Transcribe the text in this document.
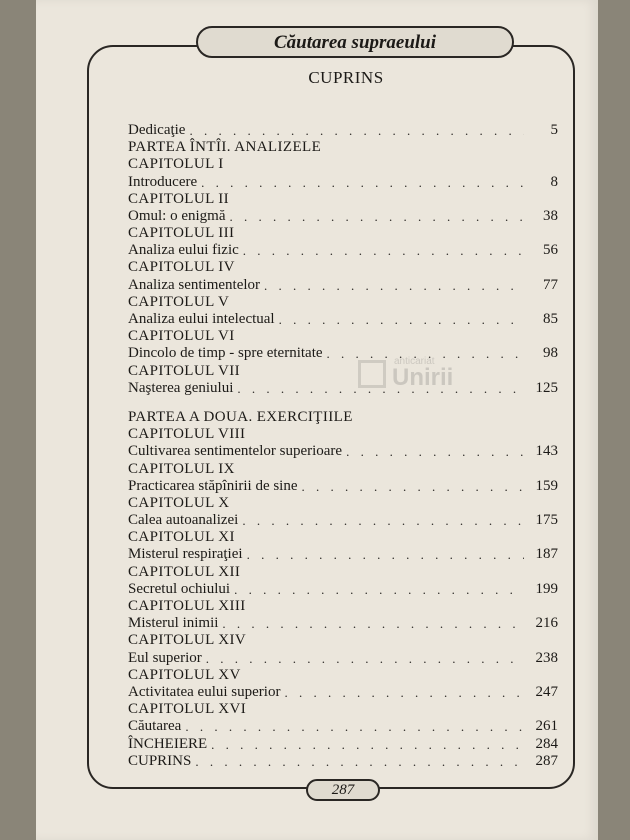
Căutarea supraeului
CUPRINS
anticariat
Unirii
Dedicaţie . . .	5
PARTEA ÎNTÎI. ANALIZELE
CAPITOLUL I
Introducere . . .	8
CAPITOLUL II
Omul: o enigmă . . .	38
CAPITOLUL III
Analiza eului fizic . . .	56
CAPITOLUL IV
Analiza sentimentelor . . .	77
CAPITOLUL V
Analiza eului intelectual . . .	85
CAPITOLUL VI
Dincolo de timp - spre eternitate . . .	98
CAPITOLUL VII
Naşterea geniului . . .	125
PARTEA A DOUA. EXERCIŢIILE
CAPITOLUL VIII
Cultivarea sentimentelor superioare . . .	143
CAPITOLUL IX
Practicarea stăpînirii de sine . . .	159
CAPITOLUL X
Calea autoanalizei . . .	175
CAPITOLUL XI
Misterul respiraţiei . . .	187
CAPITOLUL XII
Secretul ochiului . . .	199
CAPITOLUL XIII
Misterul inimii . . .	216
CAPITOLUL XIV
Eul superior . . .	238
CAPITOLUL XV
Activitatea eului superior . . .	247
CAPITOLUL XVI
Căutarea . . .	261
ÎNCHEIERE . . .	284
CUPRINS . . .	287
287
